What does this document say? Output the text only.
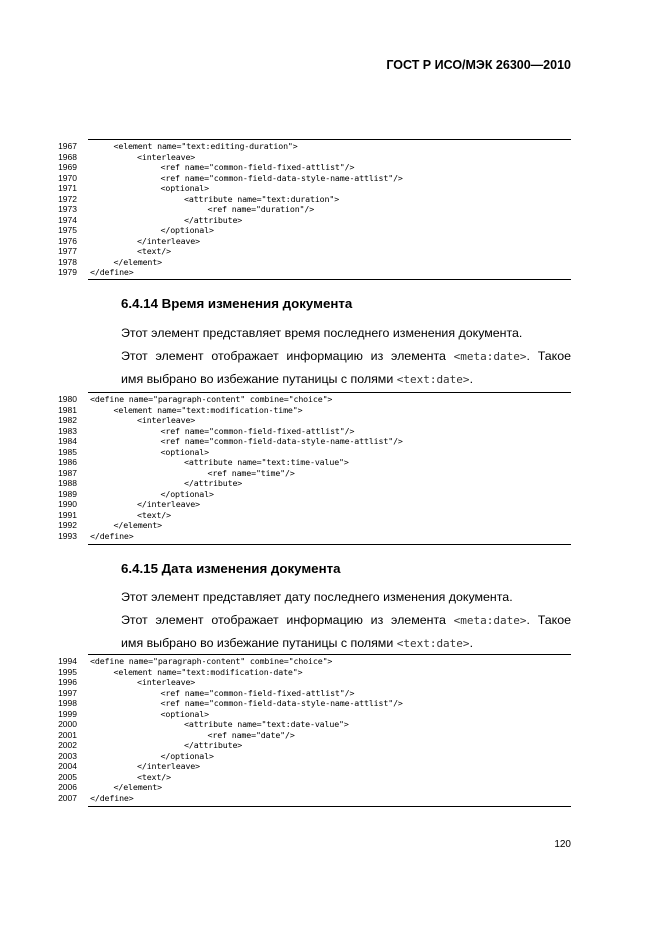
ГОСТ Р ИСО/МЭК 26300—2010
1967	<element name="text:editing-duration">
1968	<interleave>
1969	<ref name="common-field-fixed-attlist"/>
1970	<ref name="common-field-data-style-name-attlist"/>
1971	<optional>
1972	<attribute name="text:duration">
1973	<ref name="duration"/>
1974	</attribute>
1975	</optional>
1976	</interleave>
1977	<text/>
1978	</element>
1979 </define>
6.4.14 Время изменения документа
Этот элемент представляет время последнего изменения документа.
Этот элемент отображает информацию из элемента <meta:date>. Такое
имя выбрано во избежание путаницы с полями <text:date>.
1980 <define name="paragraph-content" combine="choice">
1981	<element name="text:modification-time">
1982	<interleave>
1983	<ref name="common-field-fixed-attlist"/>
1984	<ref name="common-field-data-style-name-attlist"/>
1985	<optional>
1986	<attribute name="text:time-value">
1987	<ref name="time"/>
1988	</attribute>
1989	</optional>
1990	</interleave>
1991	<text/>
1992	</element>
1993 </define>
6.4.15 Дата изменения документа
Этот элемент представляет дату последнего изменения документа.
Этот элемент отображает информацию из элемента <meta:date>. Такое
имя выбрано во избежание путаницы с полями <text:date>.
1994 <define name="paragraph-content" combine="choice">
1995	<element name="text:modification-date">
1996	<interleave>
1997	<ref name="common-field-fixed-attlist"/>
1998	<ref name="common-field-data-style-name-attlist"/>
1999	<optional>
2000	<attribute name="text:date-value">
2001	<ref name="date"/>
2002	</attribute>
2003	</optional>
2004	</interleave>
2005	<text/>
2006	</element>
2007 </define>
120
